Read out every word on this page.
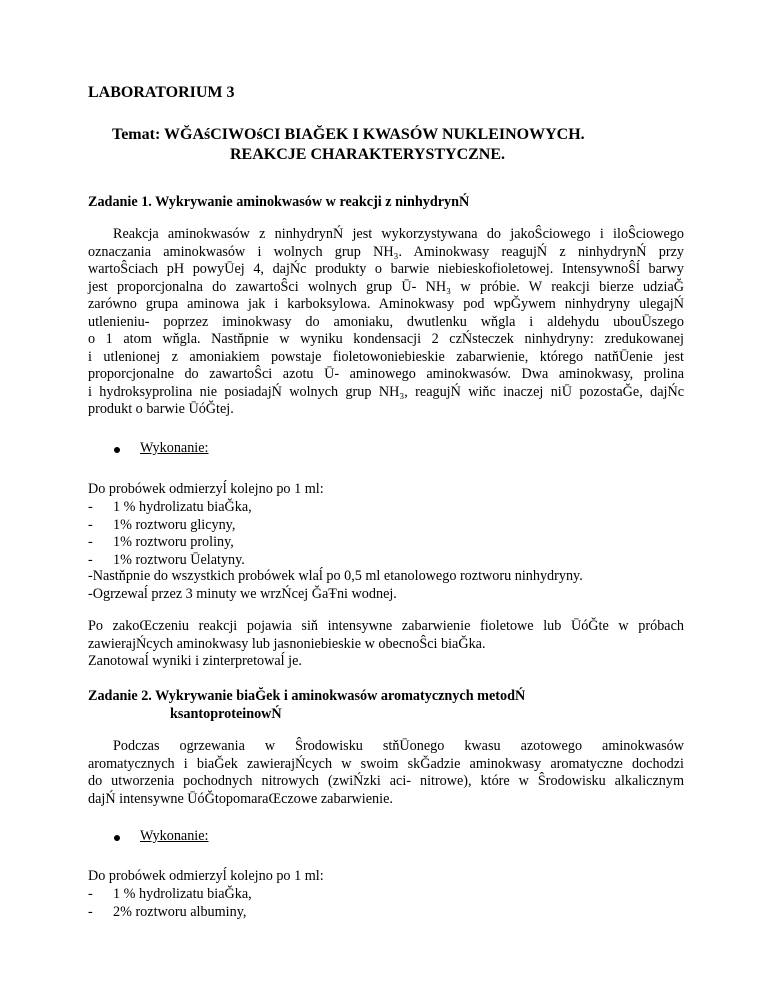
LABORATORIUM 3
Temat: WĞAśCIWOśCI BIAĞEK I KWASÓW NUKLEINOWYCH.
REAKCJE CHARAKTERYSTYCZNE.
Zadanie 1. Wykrywanie aminokwasów w reakcji z ninhydrynŃ

Reakcja aminokwasów z ninhydrynŃ jest wykorzystywana do jakoŜciowego i iloŜciowego

oznaczania aminokwasów i wolnych grup NH₃. Aminokwasy reagujŃ z ninhydrynŃ przy

wartoŜciach pH powyŪej 4, dajŃc produkty o barwie niebieskofioletowej. IntensywnoŜĺ barwy

jest proporcjonalna do zawartoŜci wolnych grup Ū- NH₃ w próbie. W reakcji bierze udziaĞ

zarówno grupa aminowa jak i karboksylowa. Aminokwasy pod wpĞywem ninhydryny ulegajŃ

utlenieniu- poprzez iminokwasy do amoniaku, dwutlenku wňgla i aldehydu ubouŪszego

o 1 atom wňgla. Nastňpnie w wyniku kondensacji 2 czŃsteczek ninhydryny: zredukowanej

i utlenionej z amoniakiem powstaje fioletowoniebieskie zabarwienie, którego natňŪenie jest

proporcjonalne do zawartoŜci azotu Ū- aminowego aminokwasów. Dwa aminokwasy, prolina

i hydroksyprolina nie posiadajŃ wolnych grup NH₃, reagujŃ wiňc inaczej niŪ pozostaĞe, dajŃc

produkt o barwie ŪóĞtej.

Wykonanie:
Do probówek odmierzyĺ kolejno po 1 ml:
- 1 % hydrolizatu biaĞka,
- 1% roztworu glicyny,
- 1% roztworu proliny,
- 1% roztworu Ūelatyny.
-Nastňpnie do wszystkich probówek wlaĺ po 0,5 ml etanolowego roztworu ninhydryny.
-Ogrzewaĺ przez 3 minuty we wrzŃcej ĞaŦni wodnej.

Po zakoŒczeniu reakcji pojawia siň intensywne zabarwienie fioletowe lub ŪóĞte w próbach

zawierajŃcych aminokwasy lub jasnoniebieskie w obecnoŜci biaĞka.

Zanotowaĺ wyniki i zinterpretowaĺ je.

Zadanie 2. Wykrywanie biaĞek i aminokwasów aromatycznych metodŃ
ksantoproteinowŃ

Podczas ogrzewania w Ŝrodowisku stňŪonego kwasu azotowego aminokwasów

aromatycznych i biaĞek zawierajŃcych w swoim skĞadzie aminokwasy aromatyczne dochodzi

do utworzenia pochodnych nitrowych (zwiŃzki aci- nitrowe), które w Ŝrodowisku alkalicznym

dajŃ intensywne ŪóĞtopomaraŒczowe zabarwienie.

Wykonanie:
Do probówek odmierzyĺ kolejno po 1 ml:
- 1 % hydrolizatu biaĞka,
- 2% roztworu albuminy,
